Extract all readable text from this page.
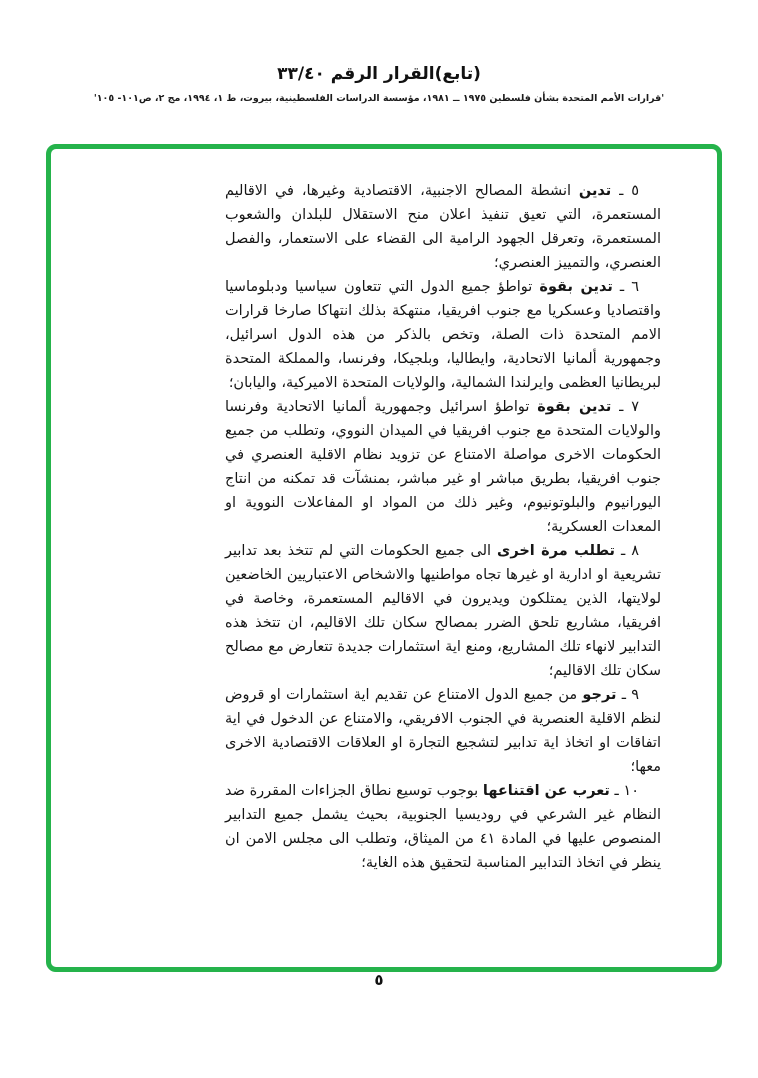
(تابع)القرار الرقم ٣٣/٤٠
'قرارات الأمم المتحدة بشأن فلسطين ١٩٧٥ ــ ١٩٨١، مؤسسة الدراسات الفلسطينية، بيروت، ط ١، ١٩٩٤، مج ٢، ص١٠١- ١٠٥'

٥ ـ تدين انشطة المصالح الاجنبية، الاقتصادية وغيرها، في الاقاليم المستعمرة، التي تعيق تنفيذ اعلان منح الاستقلال للبلدان والشعوب المستعمرة، وتعرقل الجهود الرامية الى القضاء على الاستعمار، والفصل العنصري، والتمييز العنصري؛

٦ ـ تدين بقوة تواطؤ جميع الدول التي تتعاون سياسيا ودبلوماسيا واقتصاديا وعسكريا مع جنوب افريقيا، منتهكة بذلك انتهاكا صارخا قرارات الامم المتحدة ذات الصلة، وتخص بالذكر من هذه الدول اسرائيل، وجمهورية ألمانيا الاتحادية، وايطاليا، وبلجيكا، وفرنسا، والمملكة المتحدة لبريطانيا العظمى وايرلندا الشمالية، والولايات المتحدة الاميركية، واليابان؛

٧ ـ تدين بقوة تواطؤ اسرائيل وجمهورية ألمانيا الاتحادية وفرنسا والولايات المتحدة مع جنوب افريقيا في الميدان النووي، وتطلب من جميع الحكومات الاخرى مواصلة الامتناع عن تزويد نظام الاقلية العنصري في جنوب افريقيا، بطريق مباشر او غير مباشر، بمنشآت قد تمكنه من انتاج اليورانيوم والبلوتونيوم، وغير ذلك من المواد او المفاعلات النووية او المعدات العسكرية؛

٨ ـ تطلب مرة اخرى الى جميع الحكومات التي لم تتخذ بعد تدابير تشريعية او ادارية او غيرها تجاه مواطنيها والاشخاص الاعتباريين الخاضعين لولايتها، الذين يمتلكون ويديرون في الاقاليم المستعمرة، وخاصة في افريقيا، مشاريع تلحق الضرر بمصالح سكان تلك الاقاليم، ان تتخذ هذه التدابير لانهاء تلك المشاريع، ومنع اية استثمارات جديدة تتعارض مع مصالح سكان تلك الاقاليم؛

٩ ـ ترجو من جميع الدول الامتناع عن تقديم اية استثمارات او قروض لنظم الاقلية العنصرية في الجنوب الافريقي، والامتناع عن الدخول في اية اتفاقات او اتخاذ اية تدابير لتشجيع التجارة او العلاقات الاقتصادية الاخرى معها؛

١٠ ـ تعرب عن اقتناعها بوجوب توسيع نطاق الجزاءات المقررة ضد النظام غير الشرعي في روديسيا الجنوبية، بحيث يشمل جميع التدابير المنصوص عليها في المادة ٤١ من الميثاق، وتطلب الى مجلس الامن ان ينظر في اتخاذ التدابير المناسبة لتحقيق هذه الغاية؛

٥
